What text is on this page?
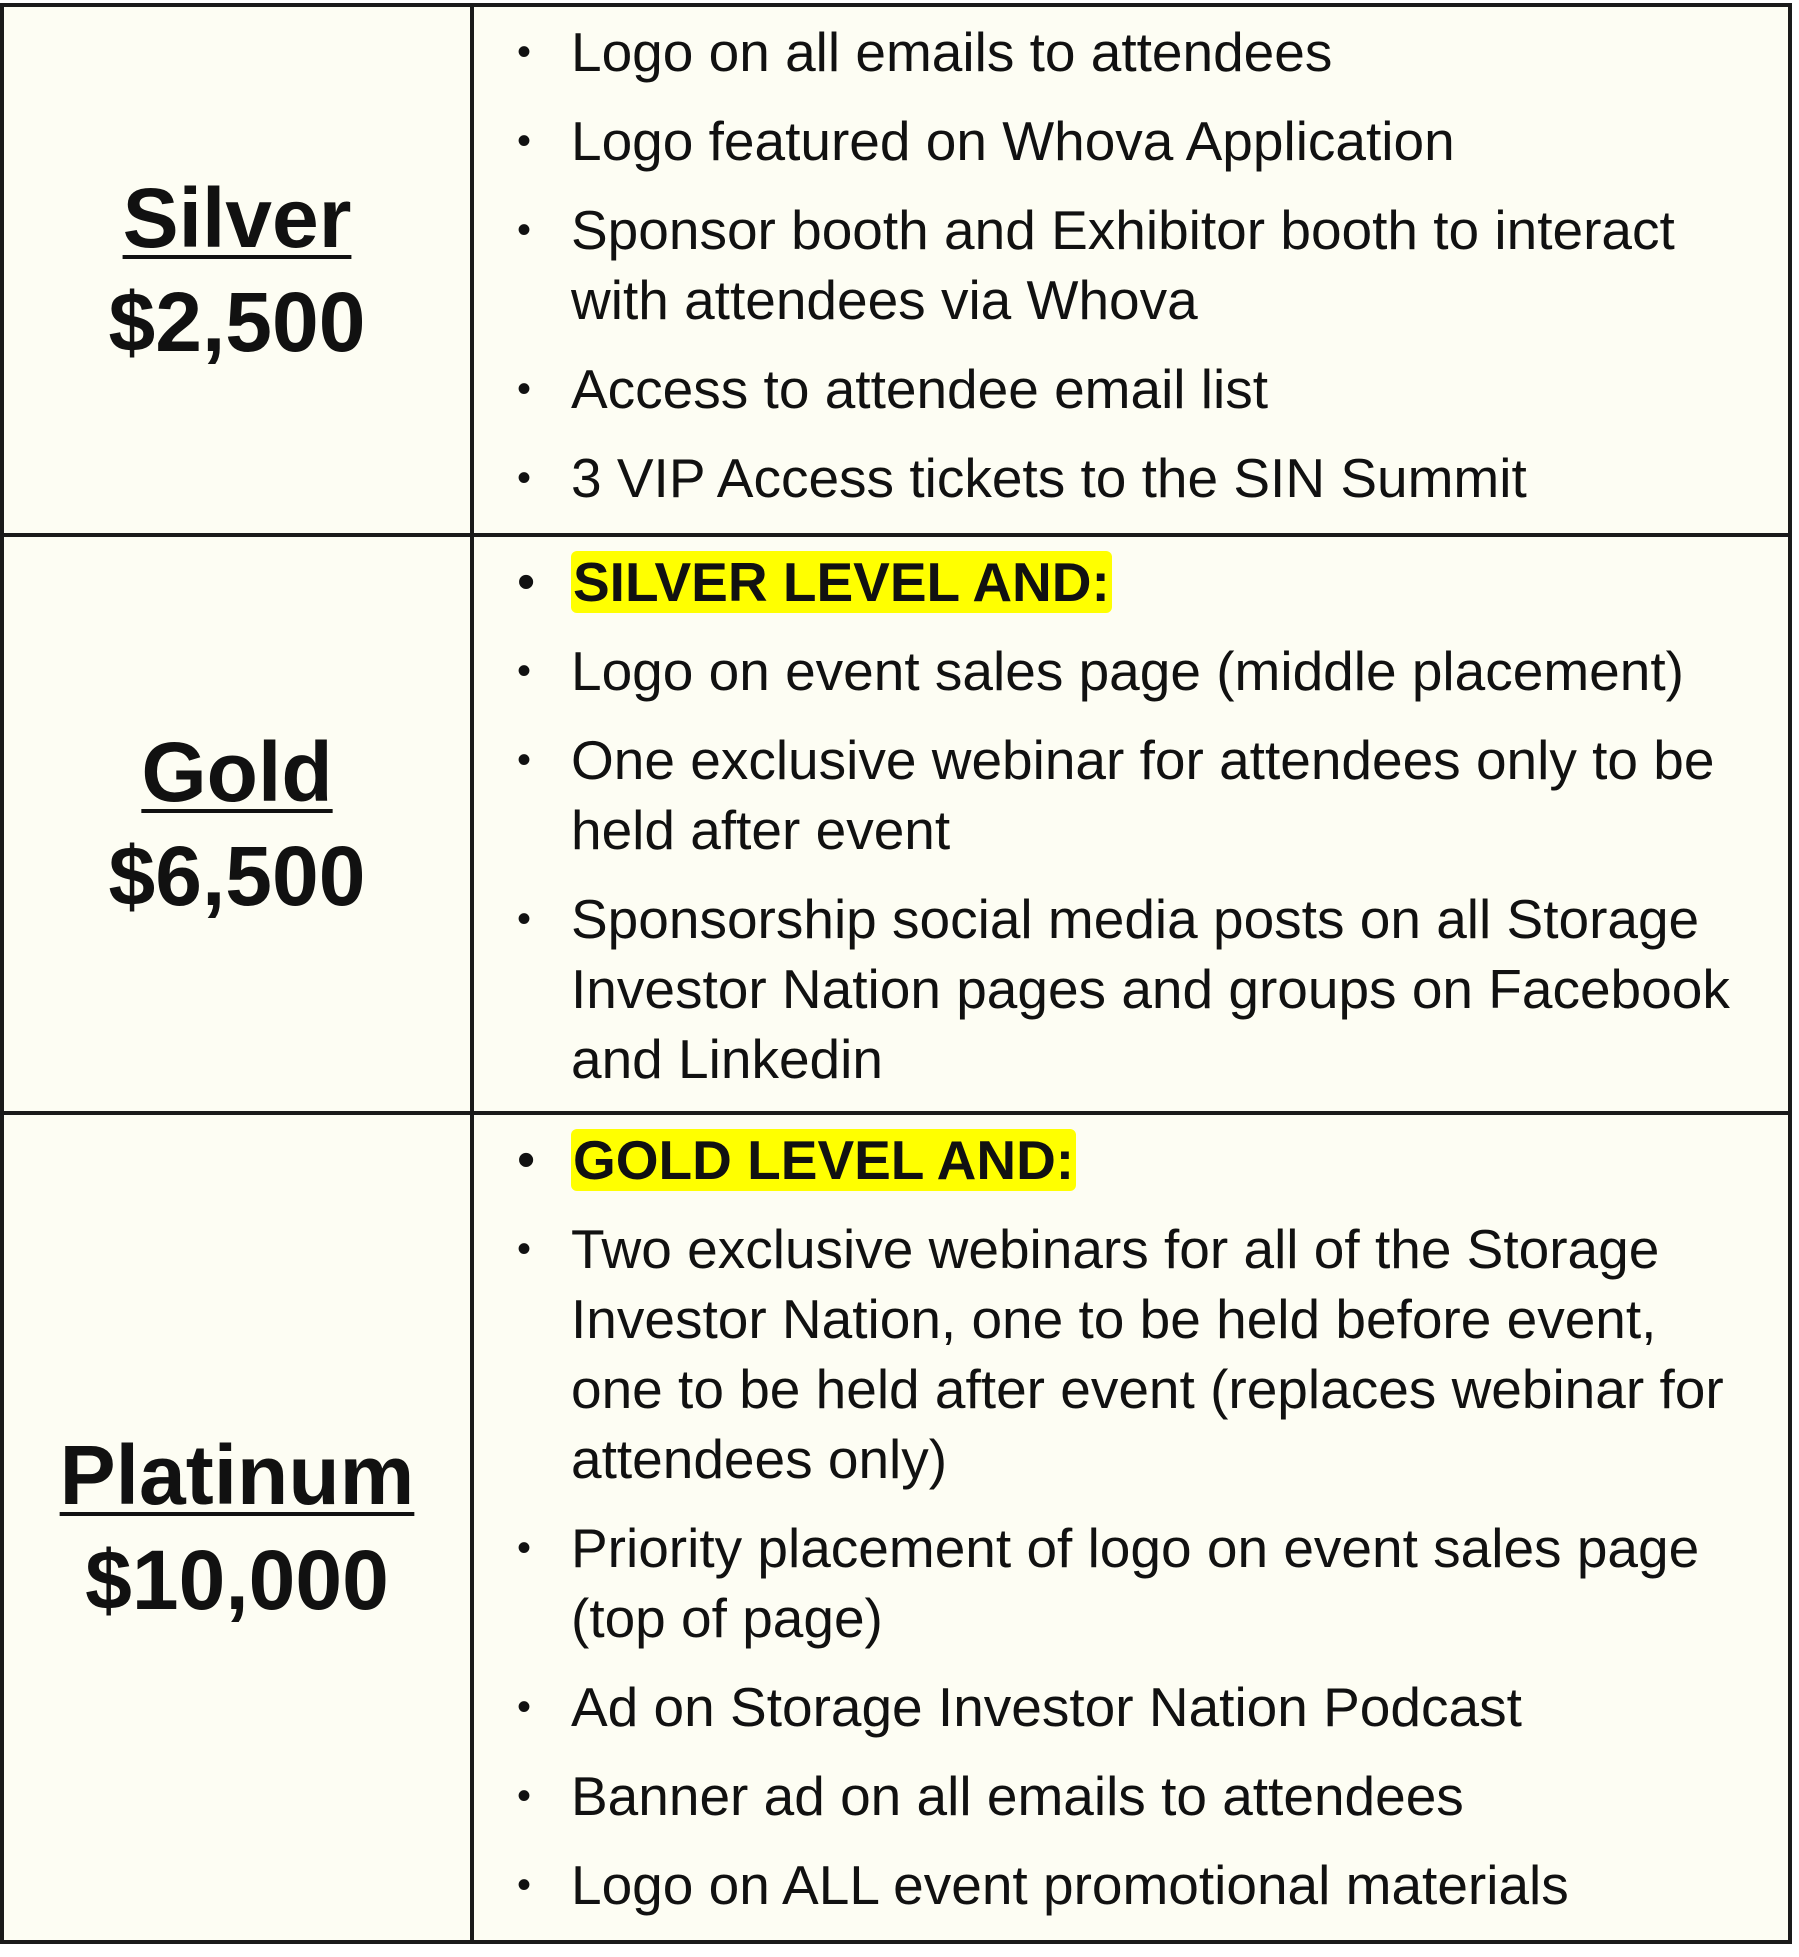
Silver
$2,500
• Logo on all emails to attendees
• Logo featured on Whova Application
• Sponsor booth and Exhibitor booth to interact with attendees via Whova
• Access to attendee email list
• 3 VIP Access tickets to the SIN Summit
Gold
$6,500
• SILVER LEVEL AND:
• Logo on event sales page (middle placement)
• One exclusive webinar for attendees only to be held after event
• Sponsorship social media posts on all Storage Investor Nation pages and groups on Facebook and Linkedin
Platinum
$10,000
• GOLD LEVEL AND:
• Two exclusive webinars for all of the Storage Investor Nation, one to be held before event, one to be held after event (replaces webinar for attendees only)
• Priority placement of logo on event sales page (top of page)
• Ad on Storage Investor Nation Podcast
• Banner ad on all emails to attendees
• Logo on ALL event promotional materials
